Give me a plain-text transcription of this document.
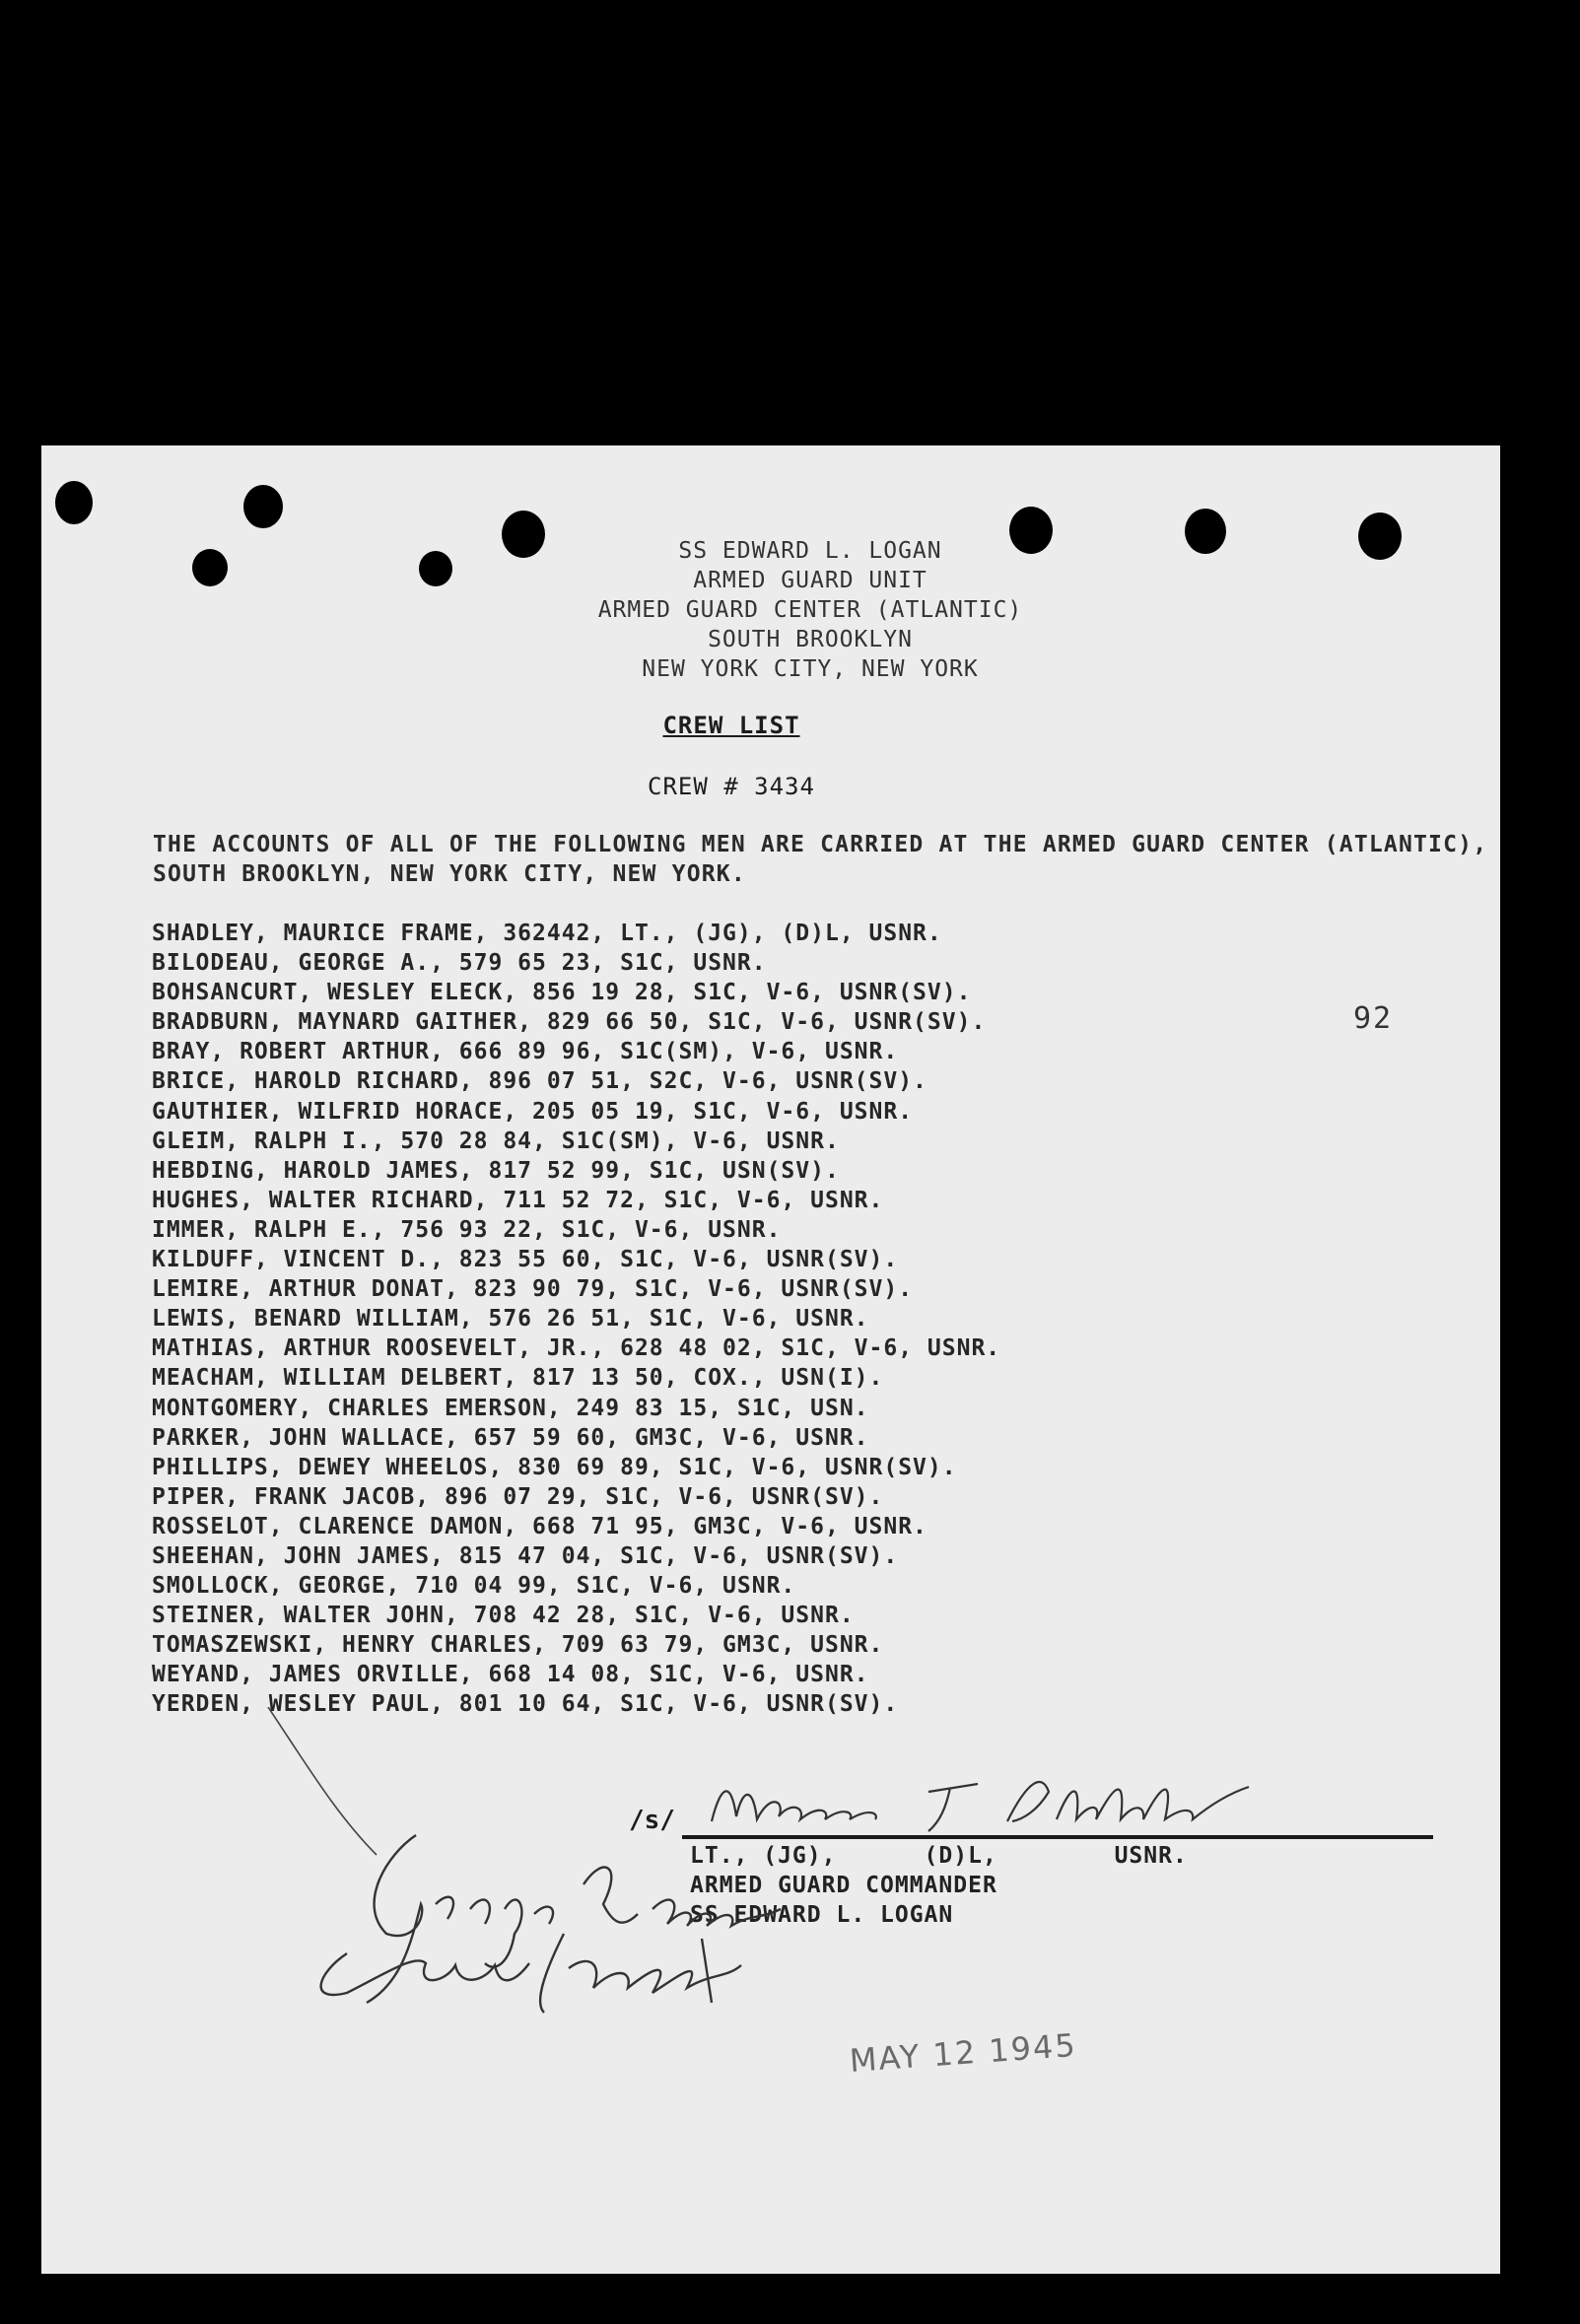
SS EDWARD L. LOGAN
ARMED GUARD UNIT
ARMED GUARD CENTER (ATLANTIC)
SOUTH BROOKLYN
NEW YORK CITY, NEW YORK
CREW LIST
CREW # 3434
THE ACCOUNTS OF ALL OF THE FOLLOWING MEN ARE CARRIED AT THE ARMED GUARD CENTER (ATLANTIC), SOUTH BROOKLYN, NEW YORK CITY, NEW YORK.
SHADLEY, MAURICE FRAME, 362442, LT., (JG), (D)L, USNR.
BILODEAU, GEORGE A., 579 65 23, S1C, USNR.
BOHSANCURT, WESLEY ELECK, 856 19 28, S1C, V-6, USNR(SV).
BRADBURN, MAYNARD GAITHER, 829 66 50, S1C, V-6, USNR(SV).
BRAY, ROBERT ARTHUR, 666 89 96, S1C(SM), V-6, USNR.
BRICE, HAROLD RICHARD, 896 07 51, S2C, V-6, USNR(SV).
GAUTHIER, WILFRID HORACE, 205 05 19, S1C, V-6, USNR.
GLEIM, RALPH I., 570 28 84, S1C(SM), V-6, USNR.
HEBDING, HAROLD JAMES, 817 52 99, S1C, USN(SV).
HUGHES, WALTER RICHARD, 711 52 72, S1C, V-6, USNR.
IMMER, RALPH E., 756 93 22, S1C, V-6, USNR.
KILDUFF, VINCENT D., 823 55 60, S1C, V-6, USNR(SV).
LEMIRE, ARTHUR DONAT, 823 90 79, S1C, V-6, USNR(SV).
LEWIS, BENARD WILLIAM, 576 26 51, S1C, V-6, USNR.
MATHIAS, ARTHUR ROOSEVELT, JR., 628 48 02, S1C, V-6, USNR.
MEACHAM, WILLIAM DELBERT, 817 13 50, COX., USN(I).
MONTGOMERY, CHARLES EMERSON, 249 83 15, S1C, USN.
PARKER, JOHN WALLACE, 657 59 60, GM3C, V-6, USNR.
PHILLIPS, DEWEY WHEELOS, 830 69 89, S1C, V-6, USNR(SV).
PIPER, FRANK JACOB, 896 07 29, S1C, V-6, USNR(SV).
ROSSELOT, CLARENCE DAMON, 668 71 95, GM3C, V-6, USNR.
SHEEHAN, JOHN JAMES, 815 47 04, S1C, V-6, USNR(SV).
SMOLLOCK, GEORGE, 710 04 99, S1C, V-6, USNR.
STEINER, WALTER JOHN, 708 42 28, S1C, V-6, USNR.
TOMASZEWSKI, HENRY CHARLES, 709 63 79, GM3C, USNR.
WEYAND, JAMES ORVILLE, 668 14 08, S1C, V-6, USNR.
YERDEN, WESLEY PAUL, 801 10 64, S1C, V-6, USNR(SV).
92
/s/
LT., (JG),      (D)L,        USNR.
ARMED GUARD COMMANDER
SS EDWARD L. LOGAN
MAY 12 1945
